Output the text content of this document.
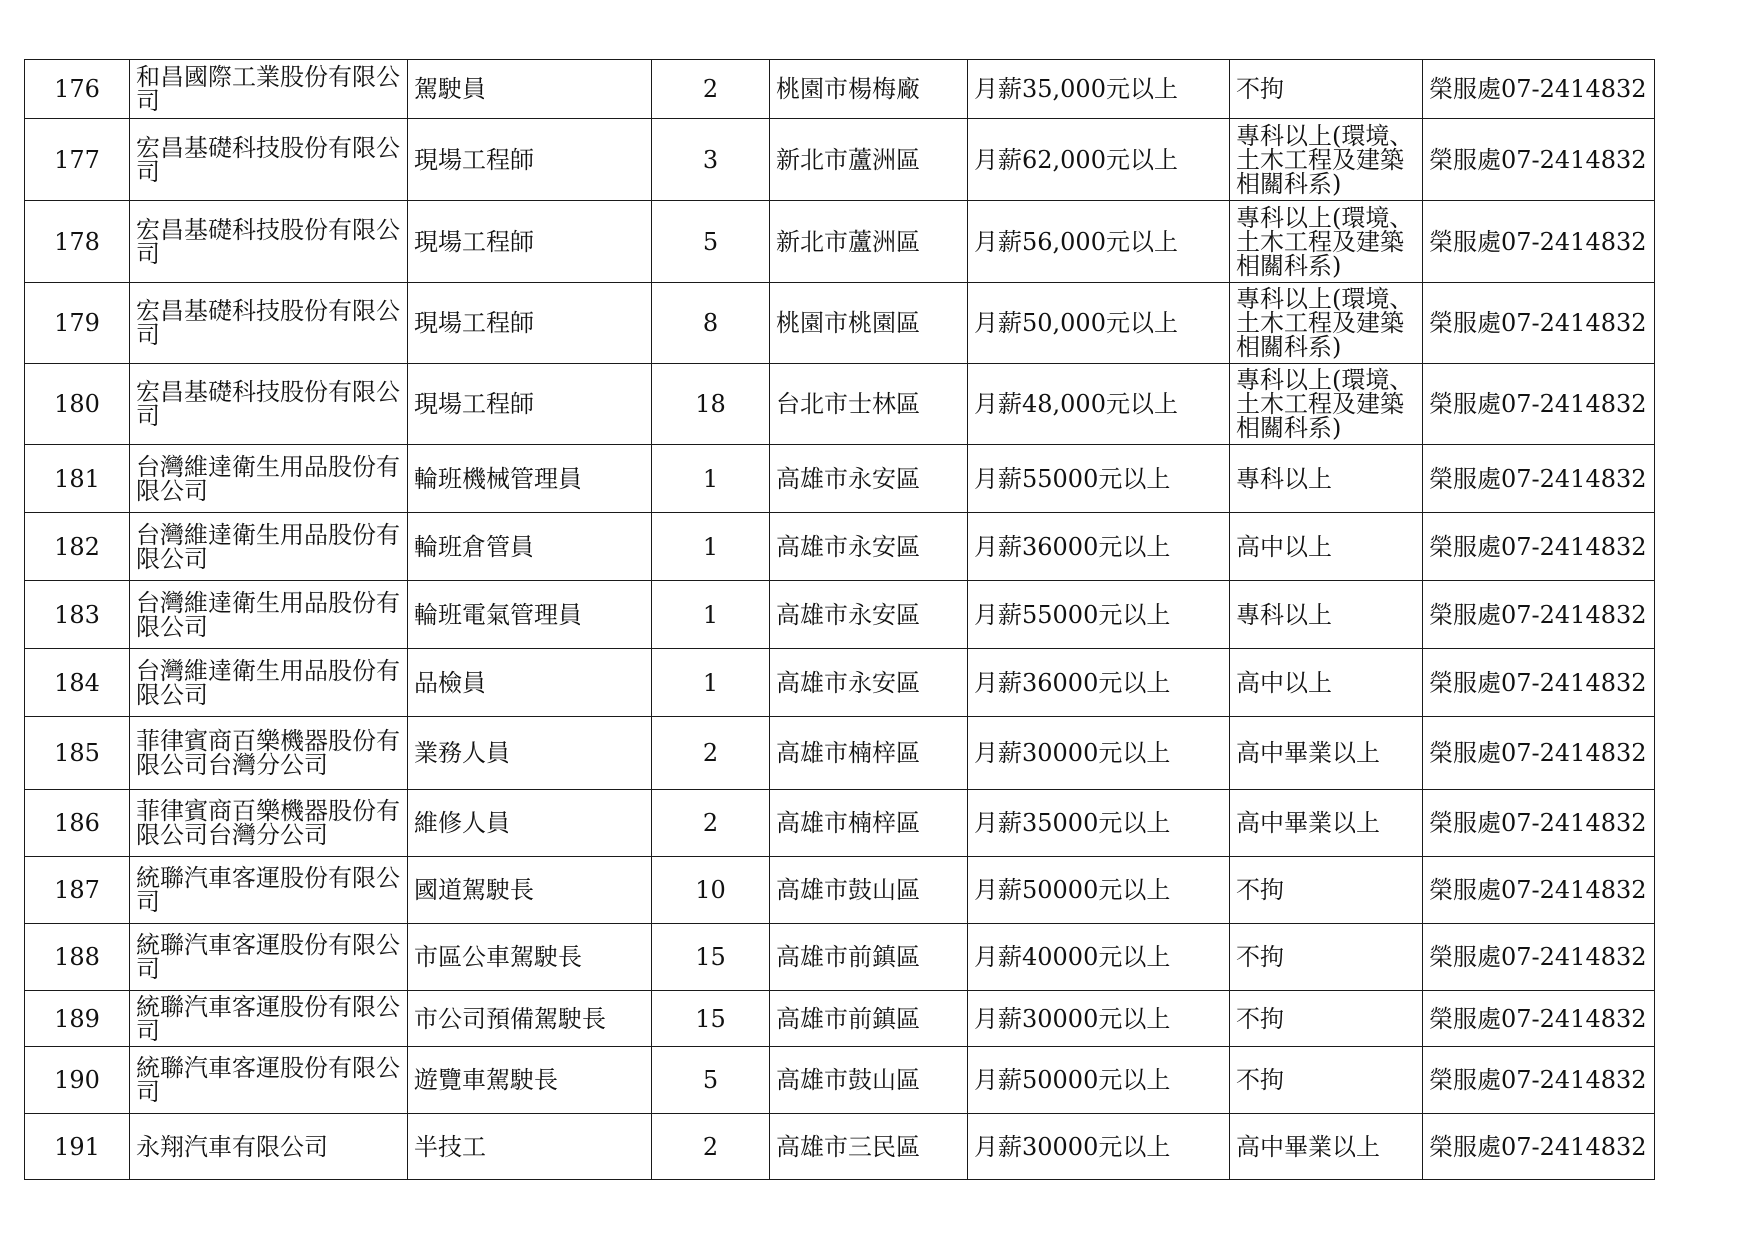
176	和昌國際工業股份有限公司	駕駛員	2	桃園市楊梅廠	月薪35,000元以上	不拘	榮服處07-2414832
177	宏昌基礎科技股份有限公司	現場工程師	3	新北市蘆洲區	月薪62,000元以上	專科以上(環境、土木工程及建築相關科系)	榮服處07-2414832
178	宏昌基礎科技股份有限公司	現場工程師	5	新北市蘆洲區	月薪56,000元以上	專科以上(環境、土木工程及建築相關科系)	榮服處07-2414832
179	宏昌基礎科技股份有限公司	現場工程師	8	桃園市桃園區	月薪50,000元以上	專科以上(環境、土木工程及建築相關科系)	榮服處07-2414832
180	宏昌基礎科技股份有限公司	現場工程師	18	台北市士林區	月薪48,000元以上	專科以上(環境、土木工程及建築相關科系)	榮服處07-2414832
181	台灣維達衛生用品股份有限公司	輪班機械管理員	1	高雄市永安區	月薪55000元以上	專科以上	榮服處07-2414832
182	台灣維達衛生用品股份有限公司	輪班倉管員	1	高雄市永安區	月薪36000元以上	高中以上	榮服處07-2414832
183	台灣維達衛生用品股份有限公司	輪班電氣管理員	1	高雄市永安區	月薪55000元以上	專科以上	榮服處07-2414832
184	台灣維達衛生用品股份有限公司	品檢員	1	高雄市永安區	月薪36000元以上	高中以上	榮服處07-2414832
185	菲律賓商百樂機器股份有限公司台灣分公司	業務人員	2	高雄市楠梓區	月薪30000元以上	高中畢業以上	榮服處07-2414832
186	菲律賓商百樂機器股份有限公司台灣分公司	維修人員	2	高雄市楠梓區	月薪35000元以上	高中畢業以上	榮服處07-2414832
187	統聯汽車客運股份有限公司	國道駕駛長	10	高雄市鼓山區	月薪50000元以上	不拘	榮服處07-2414832
188	統聯汽車客運股份有限公司	市區公車駕駛長	15	高雄市前鎮區	月薪40000元以上	不拘	榮服處07-2414832
189	統聯汽車客運股份有限公司	市公司預備駕駛長	15	高雄市前鎮區	月薪30000元以上	不拘	榮服處07-2414832
190	統聯汽車客運股份有限公司	遊覽車駕駛長	5	高雄市鼓山區	月薪50000元以上	不拘	榮服處07-2414832
191	永翔汽車有限公司	半技工	2	高雄市三民區	月薪30000元以上	高中畢業以上	榮服處07-2414832
